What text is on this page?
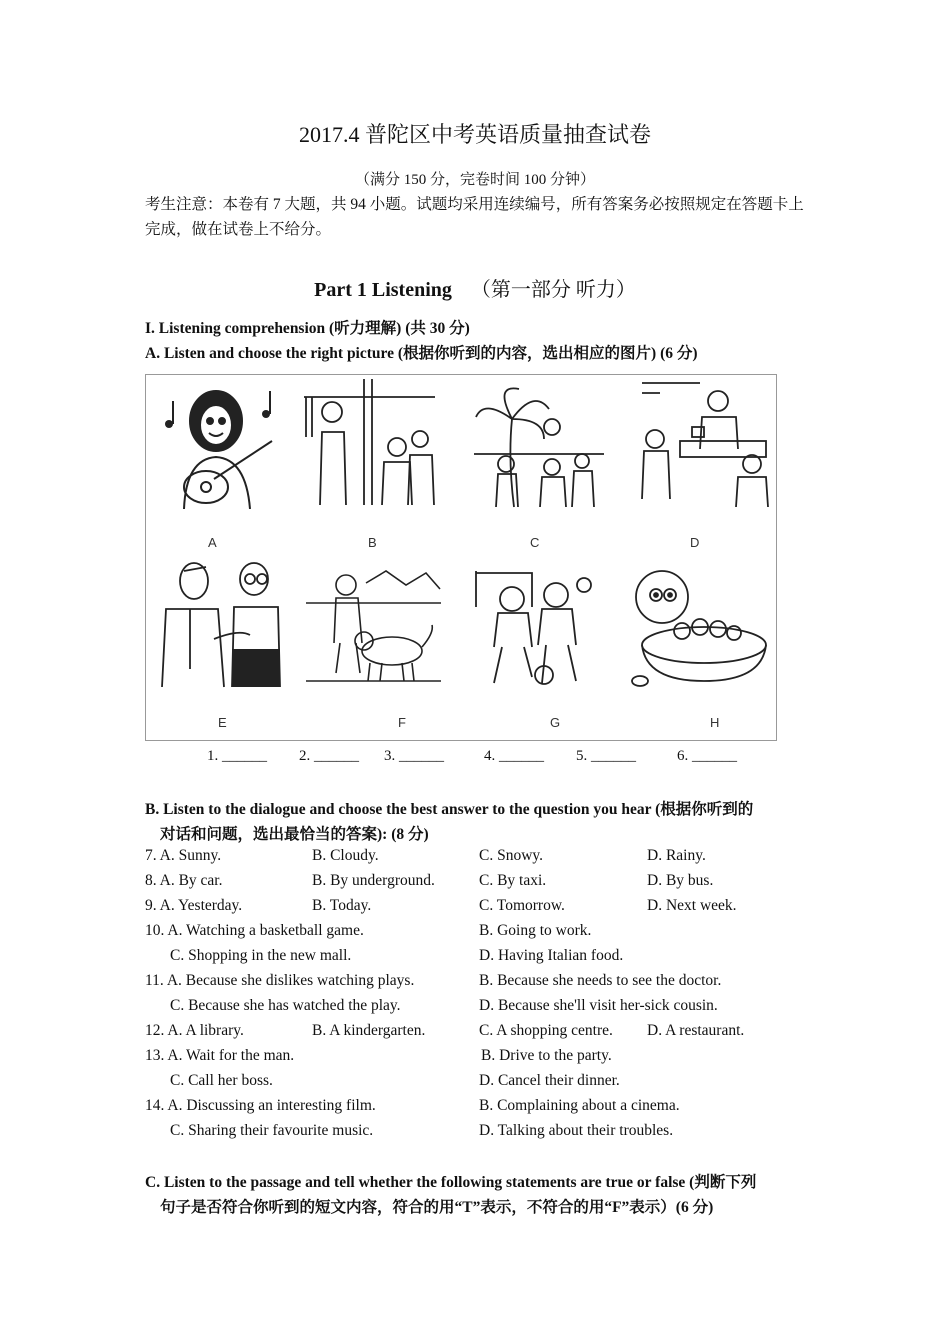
2017.4 普陀区中考英语质量抽查试卷
（满分 150 分，完卷时间 100 分钟）
考生注意：本卷有 7 大题，共 94 小题。试题均采用连续编号，所有答案务必按照规定在答题卡上完成，做在试卷上不给分。
Part 1 Listening （第一部分 听力）
I. Listening comprehension (听力理解) (共 30 分)
A. Listen and choose the right picture (根据你听到的内容，选出相应的图片) (6 分)
A	B	C	D
E	F	G	H
1. ______ 2. ______ 3. ______	4. ______ 5. ______	6. ______
B. Listen to the dialogue and choose the best answer to the question you hear (根据你听到的
对话和问题，选出最恰当的答案): (8 分)
7. A. Sunny.	B. Cloudy.	C. Snowy.	D. Rainy.
8. A. By car.	B. By underground.	C. By taxi.	D. By bus.
9. A. Yesterday.	B. Today.	C. Tomorrow.	D. Next week.
10. A. Watching a basketball game.	B. Going to work.
C. Shopping in the new mall.	D. Having Italian food.
11. A. Because she dislikes watching plays.	B. Because she needs to see the doctor.
C. Because she has watched the play.	D. Because she'll visit her-sick cousin.
12. A. A library.	B. A kindergarten.	C. A shopping centre. D. A restaurant.
13. A. Wait for the man.	B. Drive to the party.
C. Call her boss.	D. Cancel their dinner.
14. A. Discussing an interesting film.	B. Complaining about a cinema.
C. Sharing their favourite music.	D. Talking about their troubles.
C. Listen to the passage and tell whether the following statements are true or false (判断下列
句子是否符合你听到的短文内容，符合的用“T”表示，不符合的用“F”表示）(6 分)
